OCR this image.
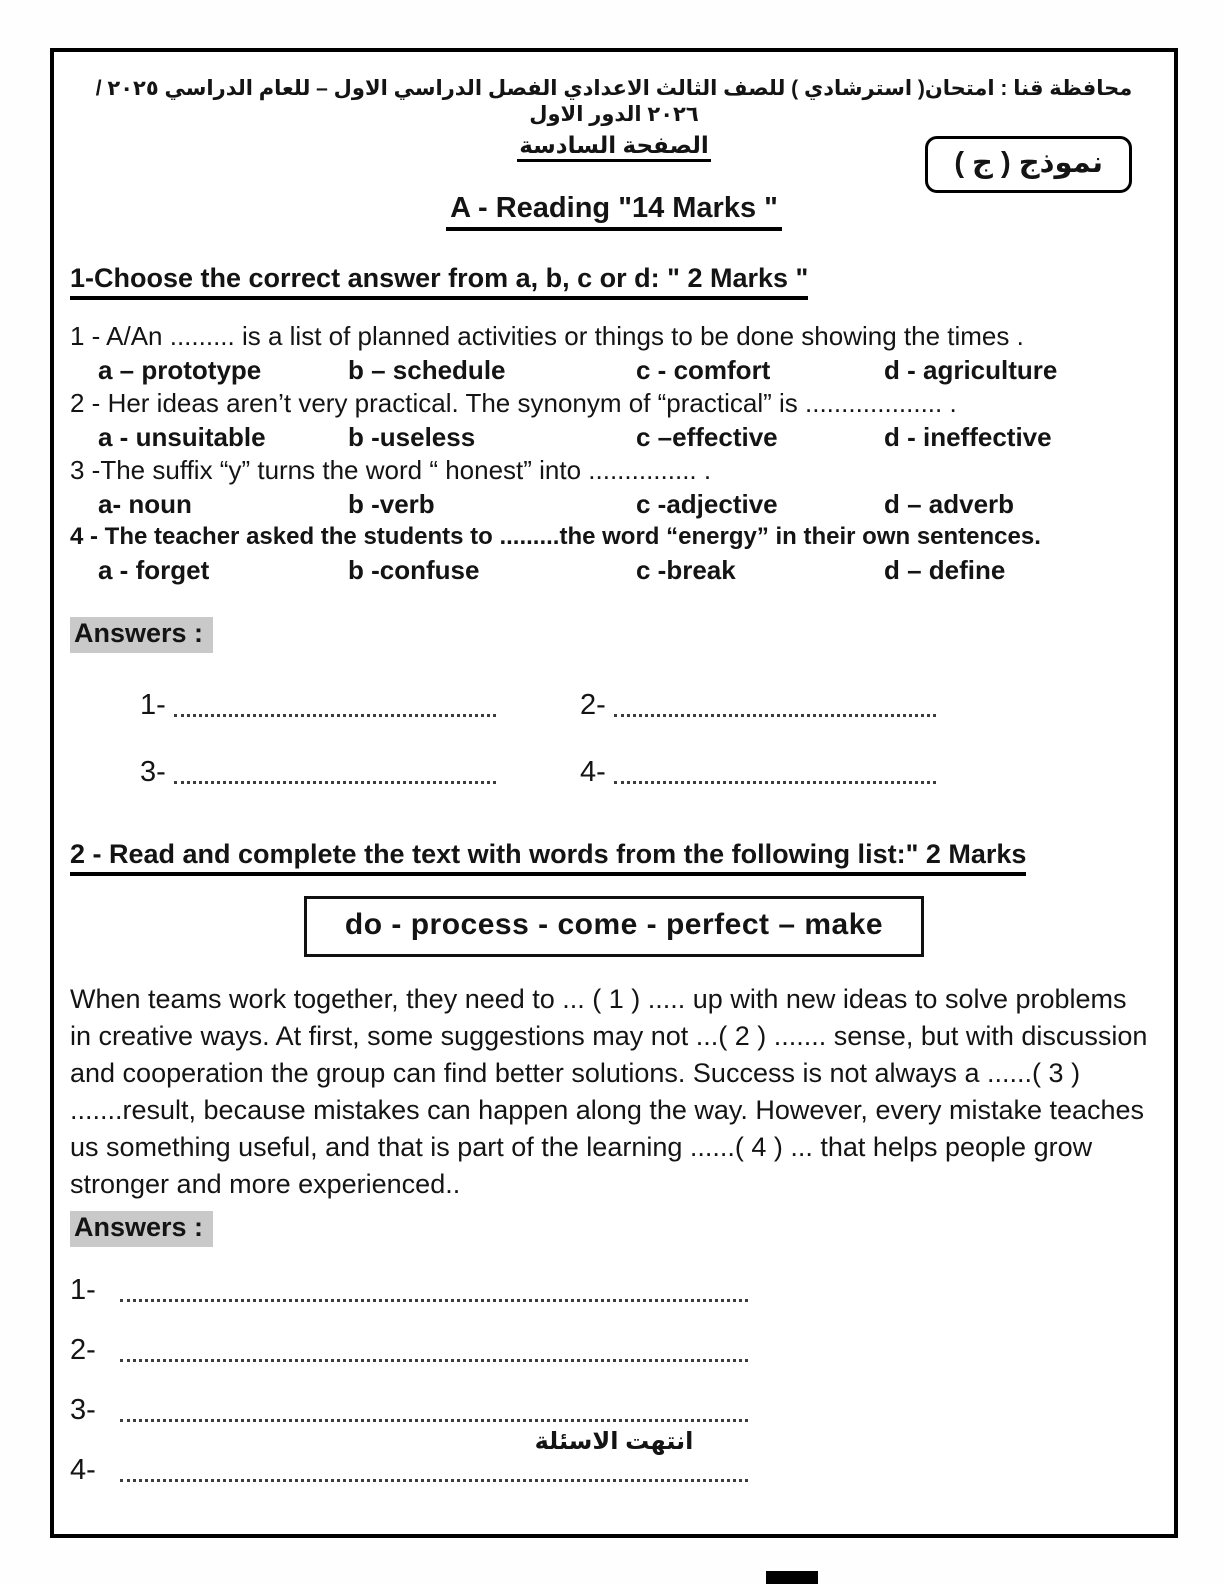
محافظة قنا : امتحان( استرشادي ) للصف الثالث الاعدادي الفصل الدراسي الاول – للعام الدراسي ٢٠٢٥ / ٢٠٢٦ الدور الاول
الصفحة السادسة
نموذج ( ج )
A - Reading "14 Marks "
1-Choose the correct answer from a, b, c or d: " 2 Marks "
1 - A/An ......... is a list of planned activities or things to be done showing the times .
a – prototype	b – schedule	c - comfort	d - agriculture
2 - Her ideas aren’t very practical. The synonym of “practical” is ................... .
a - unsuitable	b -useless	c –effective	d - ineffective
3 -The suffix “y” turns the word “ honest” into ............... .
a- noun	b -verb	c -adjective	d – adverb
4 - The teacher asked the students to .........the word “energy” in their own sentences.
a - forget	b -confuse	c -break	d – define
Answers :
1-	2-
3-	4-
2 - Read and complete the text with words from the following list:" 2 Marks
do - process - come - perfect – make
When teams work together, they need to ... ( 1 ) ..... up with new ideas to solve problems in creative ways. At first, some suggestions may not ...( 2 ) ....... sense, but with discussion and cooperation the group can find better solutions. Success is not always a ......( 3 ) .......result, because mistakes can happen along the way. However, every mistake teaches us something useful, and that is part of the learning ......( 4 ) ... that helps people grow stronger and more experienced..
Answers :
1-
2-
3-
4-
انتهت الاسئلة
